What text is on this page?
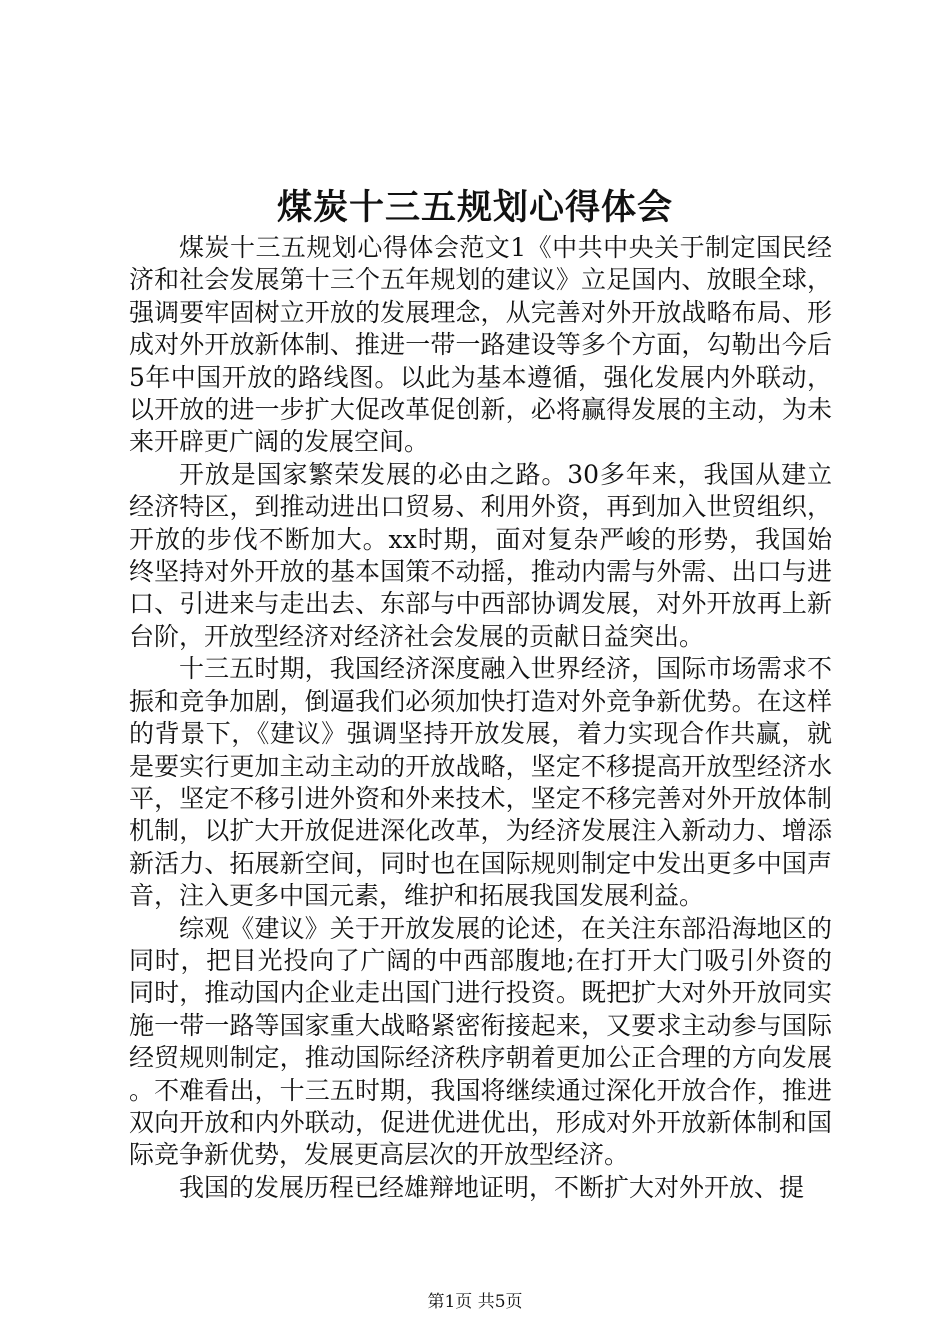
煤炭十三五规划心得体会

煤炭十三五规划心得体会范文1《中共中央关于制定国民经济和社会发展第十三个五年规划的建议》立足国内、放眼全球，强调要牢固树立开放的发展理念，从完善对外开放战略布局、形成对外开放新体制、推进一带一路建设等多个方面，勾勒出今后5年中国开放的路线图。以此为基本遵循，强化发展内外联动，以开放的进一步扩大促改革促创新，必将赢得发展的主动，为未来开辟更广阔的发展空间。

开放是国家繁荣发展的必由之路。30多年来，我国从建立经济特区，到推动进出口贸易、利用外资，再到加入世贸组织，开放的步伐不断加大。xx时期，面对复杂严峻的形势，我国始终坚持对外开放的基本国策不动摇，推动内需与外需、出口与进口、引进来与走出去、东部与中西部协调发展，对外开放再上新台阶，开放型经济对经济社会发展的贡献日益突出。

十三五时期，我国经济深度融入世界经济，国际市场需求不振和竞争加剧，倒逼我们必须加快打造对外竞争新优势。在这样的背景下，《建议》强调坚持开放发展，着力实现合作共赢，就是要实行更加主动主动的开放战略，坚定不移提高开放型经济水平，坚定不移引进外资和外来技术，坚定不移完善对外开放体制机制，以扩大开放促进深化改革，为经济发展注入新动力、增添新活力、拓展新空间，同时也在国际规则制定中发出更多中国声音，注入更多中国元素，维护和拓展我国发展利益。

综观《建议》关于开放发展的论述，在关注东部沿海地区的同时，把目光投向了广阔的中西部腹地;在打开大门吸引外资的同时，推动国内企业走出国门进行投资。既把扩大对外开放同实施一带一路等国家重大战略紧密衔接起来，又要求主动参与国际经贸规则制定，推动国际经济秩序朝着更加公正合理的方向发展。不难看出，十三五时期，我国将继续通过深化开放合作，推进双向开放和内外联动，促进优进优出，形成对外开放新体制和国际竞争新优势，发展更高层次的开放型经济。

我国的发展历程已经雄辩地证明，不断扩大对外开放、提

第1页 共5页
